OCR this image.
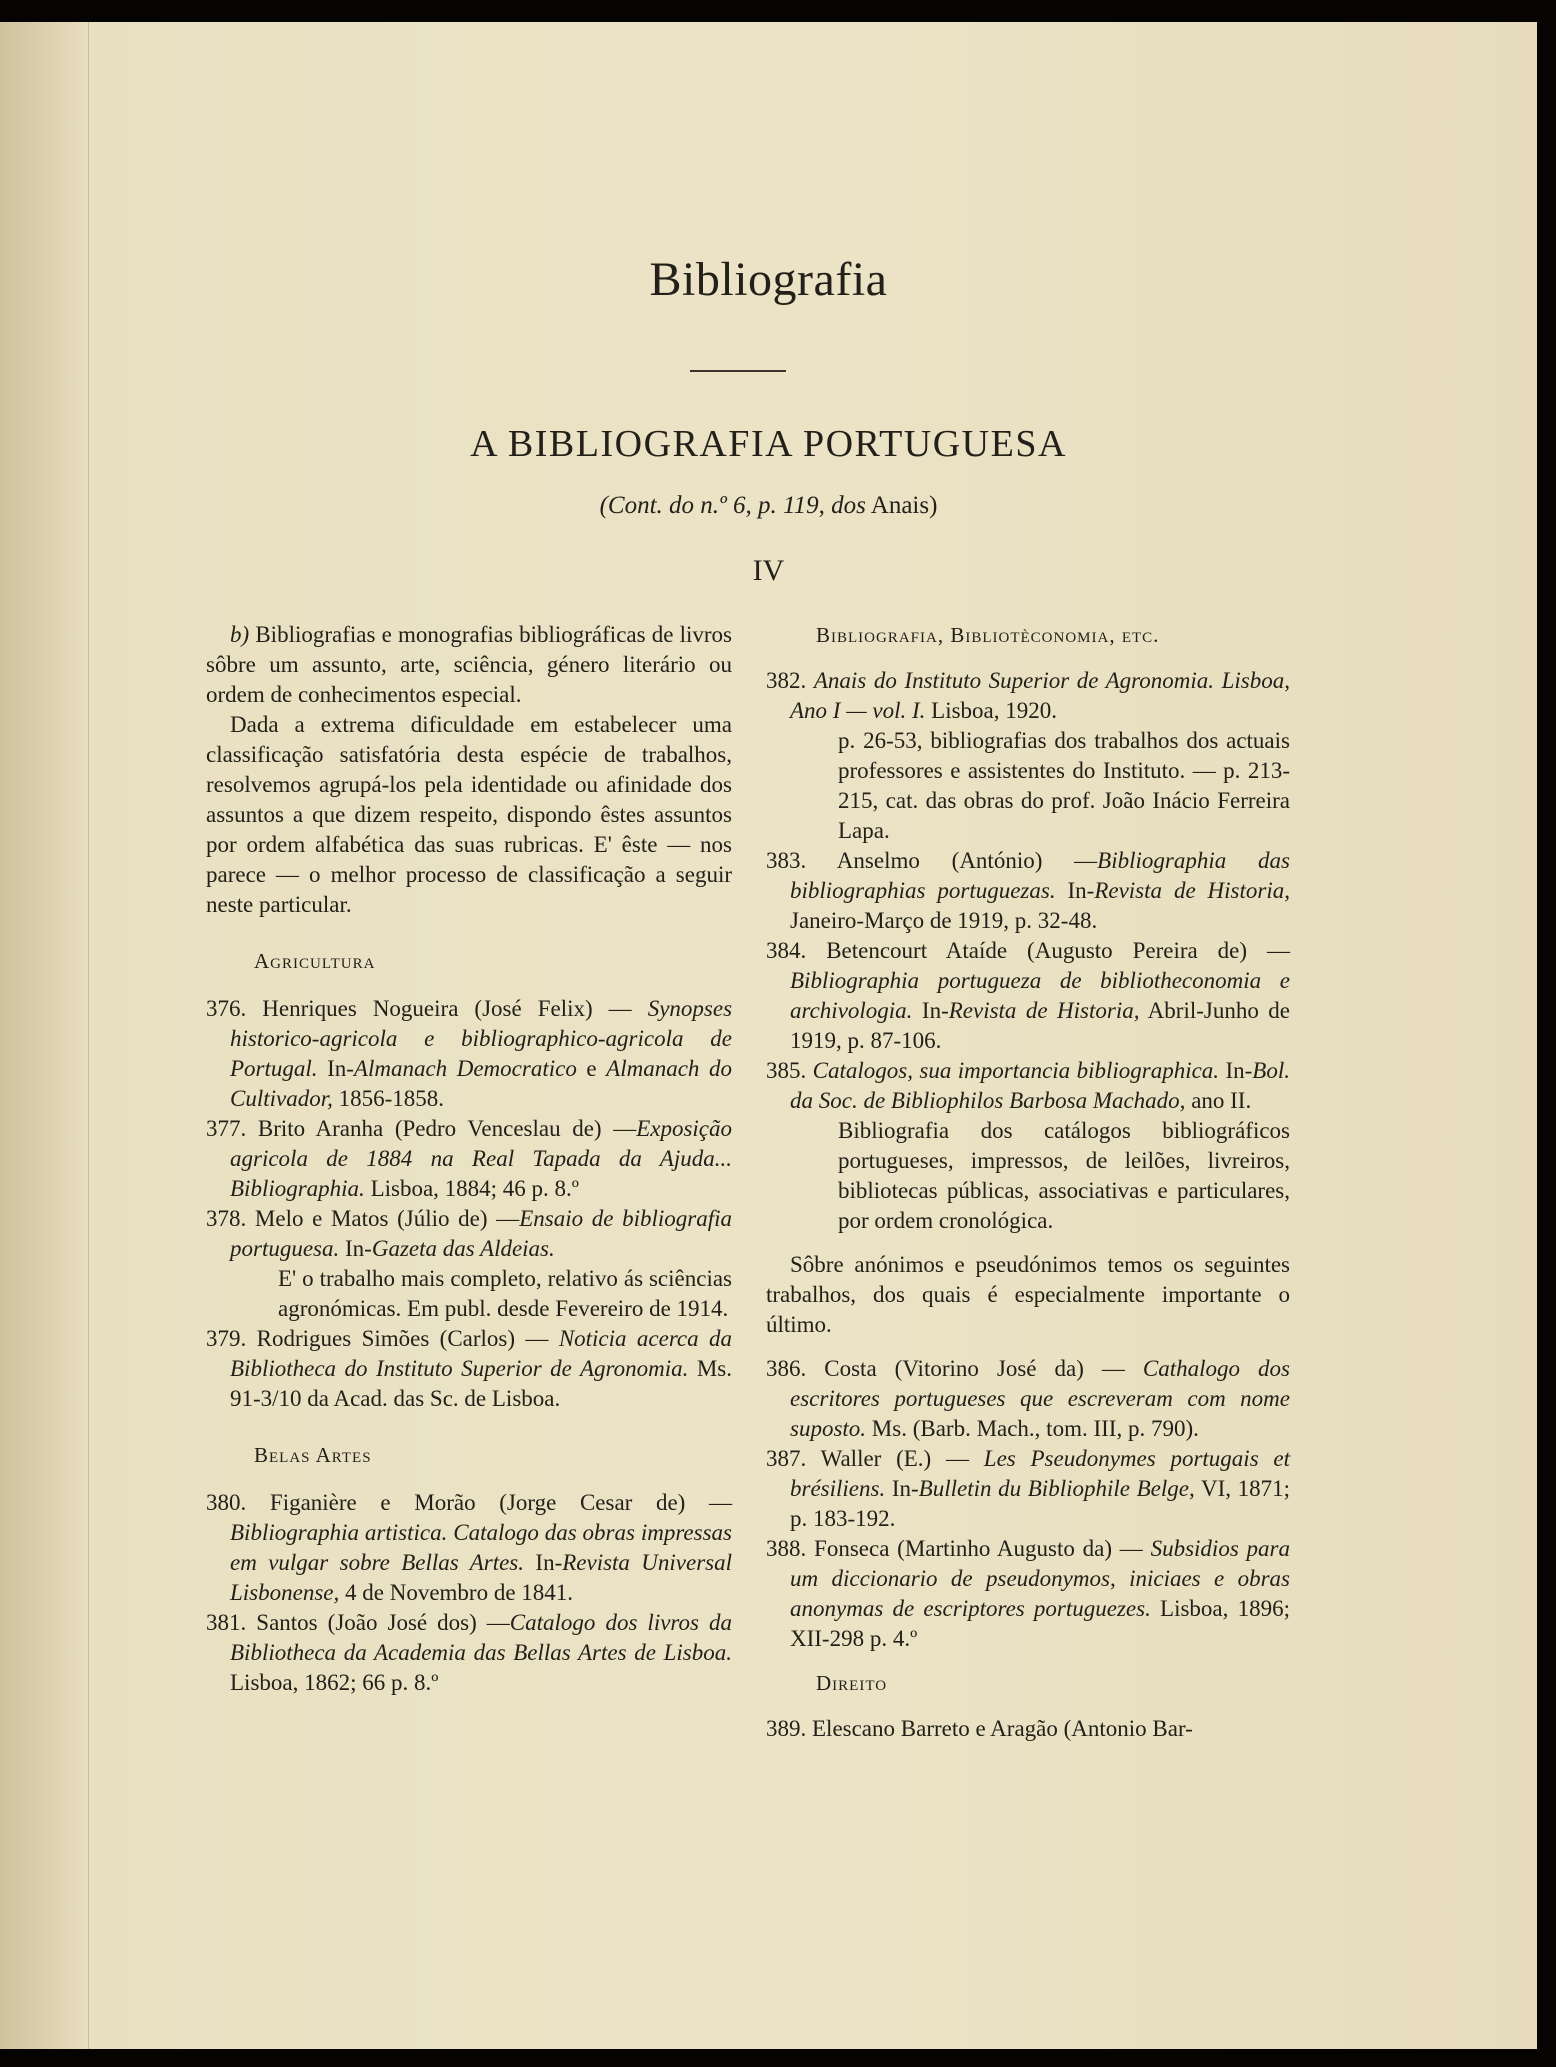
Bibliografia
A BIBLIOGRAFIA PORTUGUESA
(Cont. do n.º 6, p. 119, dos Anais)
IV

b) Bibliografias e monografias bibliográficas de livros sôbre um assunto, arte, sciência, género literário ou ordem de conhecimentos especial.

Dada a extrema dificuldade em estabelecer uma classificação satisfatória desta espécie de trabalhos, resolvemos agrupá-los pela identidade ou afinidade dos assuntos a que dizem respeito, dispondo êstes assuntos por ordem alfabética das suas rubricas. E' êste — nos parece — o melhor processo de classificação a seguir neste particular.

Agricultura

376. Henriques Nogueira (José Felix) — Synopses historico-agricola e bibliographico-agricola de Portugal. In-Almanach Democratico e Almanach do Cultivador, 1856-1858.

377. Brito Aranha (Pedro Venceslau de) —Exposição agricola de 1884 na Real Tapada da Ajuda... Bibliographia. Lisboa, 1884; 46 p. 8.º

378. Melo e Matos (Júlio de) —Ensaio de bibliografia portuguesa. In-Gazeta das Aldeias.

E' o trabalho mais completo, relativo ás sciências agronómicas. Em publ. desde Fevereiro de 1914.

379. Rodrigues Simões (Carlos) — Noticia acerca da Bibliotheca do Instituto Superior de Agronomia. Ms. 91-3/10 da Acad. das Sc. de Lisboa.

Belas Artes

380. Figanière e Morão (Jorge Cesar de) — Bibliographia artistica. Catalogo das obras impressas em vulgar sobre Bellas Artes. In-Revista Universal Lisbonense, 4 de Novembro de 1841.

381. Santos (João José dos) —Catalogo dos livros da Bibliotheca da Academia das Bellas Artes de Lisboa. Lisboa, 1862; 66 p. 8.º

Bibliografia, Bibliotèconomia, etc.

382. Anais do Instituto Superior de Agronomia. Lisboa, Ano I — vol. I. Lisboa, 1920.

p. 26-53, bibliografias dos trabalhos dos actuais professores e assistentes do Instituto. — p. 213-215, cat. das obras do prof. João Inácio Ferreira Lapa.

383. Anselmo (António) —Bibliographia das bibliographias portuguezas. In-Revista de Historia, Janeiro-Março de 1919, p. 32-48.

384. Betencourt Ataíde (Augusto Pereira de) — Bibliographia portugueza de bibliotheconomia e archivologia. In-Revista de Historia, Abril-Junho de 1919, p. 87-106.

385. Catalogos, sua importancia bibliographica. In-Bol. da Soc. de Bibliophilos Barbosa Machado, ano II.

Bibliografia dos catálogos bibliográficos portugueses, impressos, de leilões, livreiros, bibliotecas públicas, associativas e particulares, por ordem cronológica.

Sôbre anónimos e pseudónimos temos os seguintes trabalhos, dos quais é especialmente importante o último.

386. Costa (Vitorino José da) — Cathalogo dos escritores portugueses que escreveram com nome suposto. Ms. (Barb. Mach., tom. III, p. 790).

387. Waller (E.) — Les Pseudonymes portugais et brésiliens. In-Bulletin du Bibliophile Belge, VI, 1871; p. 183-192.

388. Fonseca (Martinho Augusto da) — Subsidios para um diccionario de pseudonymos, iniciaes e obras anonymas de escriptores portuguezes. Lisboa, 1896; XII-298 p. 4.º

Direito

389. Elescano Barreto e Aragão (Antonio Bar-
